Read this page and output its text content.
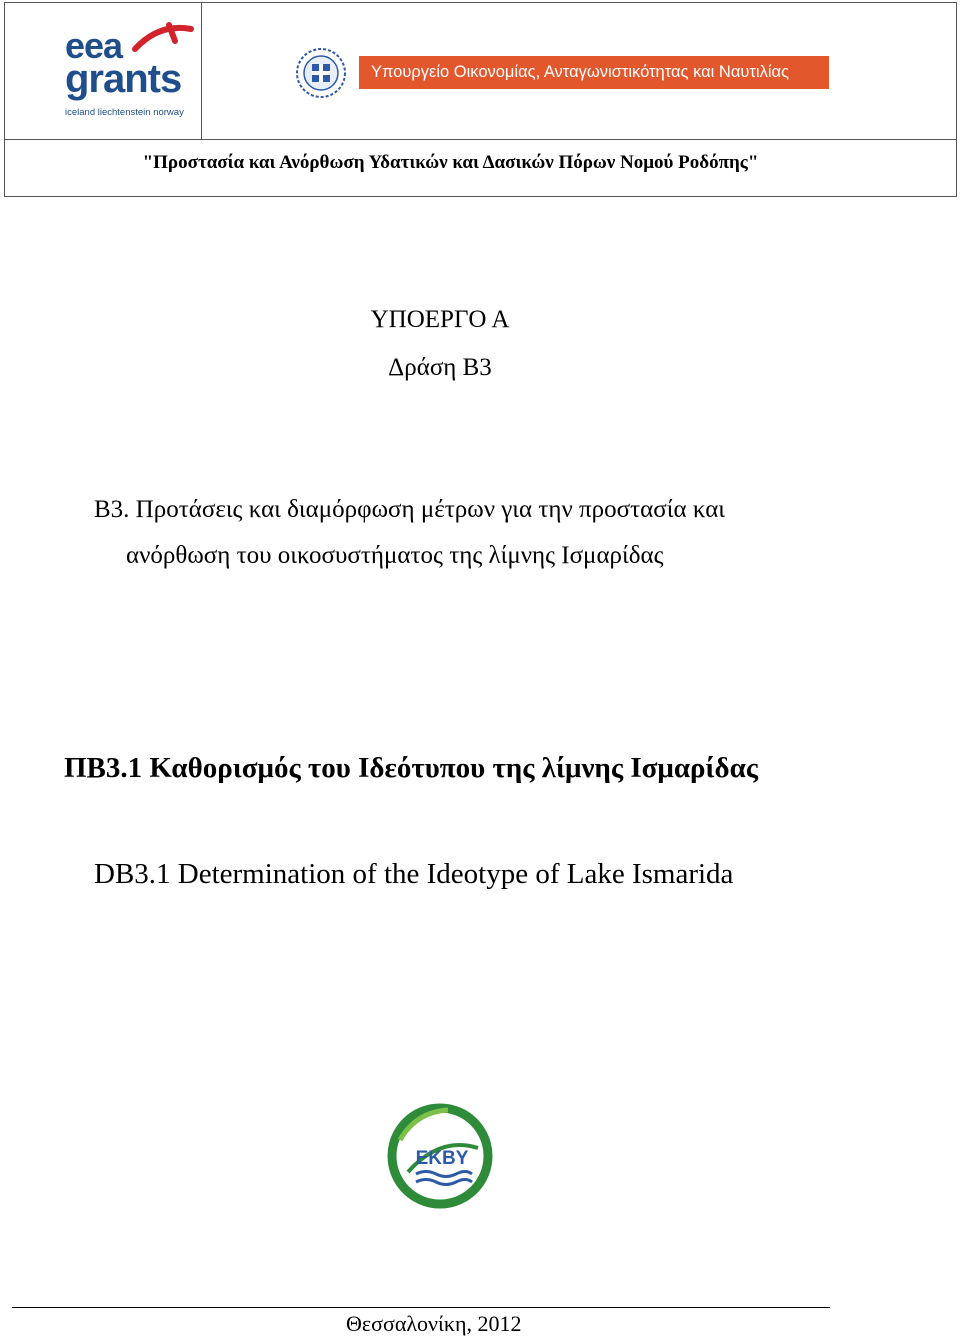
eea
grants
iceland liechtenstein norway
Υπουργείο Οικονομίας, Ανταγωνιστικότητας και Ναυτιλίας
"Προστασία και Ανόρθωση Υδατικών και Δασικών Πόρων Νομού Ροδόπης"
ΥΠΟΕΡΓΟ Α
Δράση Β3
Β3. Προτάσεις και διαμόρφωση μέτρων για την προστασία και
ανόρθωση του οικοσυστήματος της λίμνης Ισμαρίδας
ΠΒ3.1 Καθορισμός του Ιδεότυπου της λίμνης Ισμαρίδας
DB3.1 Determination of the Ideotype of Lake Ismarida
ΕΚΒΥ
Θεσσαλονίκη, 2012
